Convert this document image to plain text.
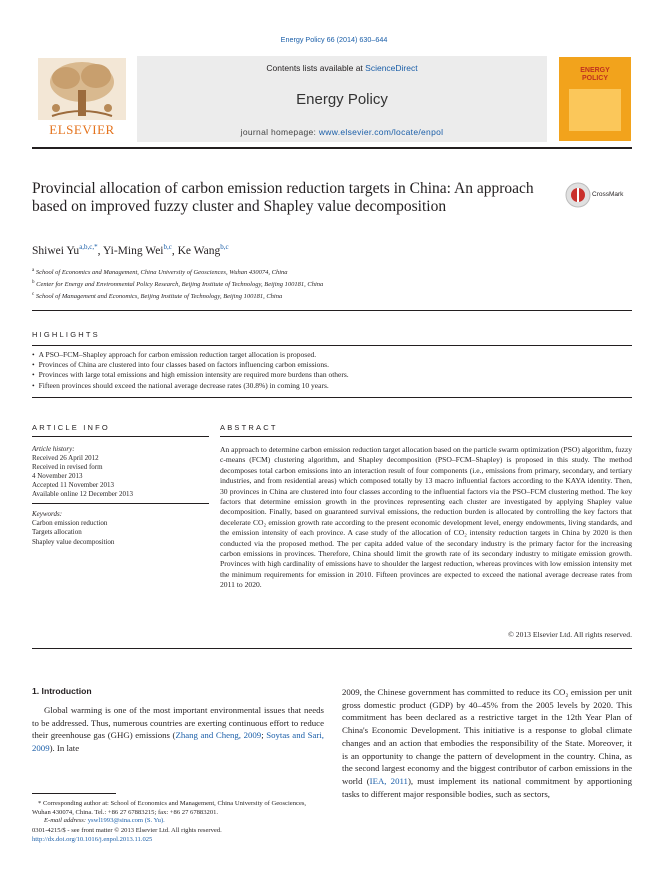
Energy Policy 66 (2014) 630–644
ELSEVIER
Contents lists available at ScienceDirect
Energy Policy
journal homepage: www.elsevier.com/locate/enpol
ENERGY
POLICY
Provincial allocation of carbon emission reduction targets in China: An approach based on improved fuzzy cluster and Shapley value decomposition
CrossMark
Shiwei $Yu^{a,b,c,*}$, Yi-Ming Wei$^{b,c}$, Ke Wang$^{b,c}$
$^a$ School of Economics and Management, China University of Geosciences, Wuhan 430074, China
$^b$ Center for Energy and Environmental Policy Research, Beijing Institute of Technology, Beijing 100181, China
$^c$ School of Management and Economics, Beijing Institute of Technology, Beijing 100181, China
HIGHLIGHTS
• A PSO–FCM–Shapley approach for carbon emission reduction target allocation is proposed.
• Provinces of China are clustered into four classes based on factors influencing carbon emissions.
• Provinces with large total emissions and high emission intensity are required more burdens than others.
• Fifteen provinces should exceed the national average decrease rates (30.8%) in coming 10 years.
ARTICLE INFO	ABSTRACT
Article history:
Received 26 April 2012
Received in revised form
4 November 2013
Accepted 11 November 2013
Available online 12 December 2013
Keywords:
Carbon emission reduction
Targets allocation
Shapley value decomposition
An approach to determine carbon emission reduction target allocation based on the particle swarm optimization (PSO) algorithm, fuzzy c-means (FCM) clustering algorithm, and Shapley decomposition (PSO–FCM–Shapley) is proposed in this study. The method decomposes total carbon emissions into an interaction result of four components (i.e., emissions from primary, secondary, and tertiary industries, and from residential areas) which composed totally by 13 macro influential factors according to the KAYA identity. Then, 30 provinces in China are clustered into four classes according to the influential factors via the PSO–FCM clustering method. The key factors that determine emission growth in the provinces representing each cluster are investigated by applying Shapley value decomposition. Finally, based on guaranteed survival emissions, the reduction burden is allocated by controlling the key factors that decelerate CO₂ emission growth rate according to the present economic development level, energy endowments, living standards, and the emission intensity of each province. A case study of the allocation of CO₂ intensity reduction targets in China by 2020 is then conducted via the proposed method. The per capita added value of the secondary industry is the primary factor for the increasing carbon emissions in provinces. Therefore, China should limit the growth rate of its secondary industry to mitigate emission growth. Provinces with high cardinality of emissions have to shoulder the largest reduction, whereas provinces with low emission intensity met the minimum requirements for emission in 2010. Fifteen provinces are expected to exceed the national average decrease rates from 2011 to 2020.
© 2013 Elsevier Ltd. All rights reserved.
1. Introduction
Global warming is one of the most important environmental issues that needs to be addressed. Thus, numerous countries are exerting continuous effort to reduce their greenhouse gas (GHG) emissions (Zhang and Cheng, 2009; Soytas and Sari, 2009). In late
* Corresponding author at: School of Economics and Management, China University of Geosciences, Wuhan 430074, China. Tel.: +86 27 67883215; fax: +86 27 67883201.
E-mail address: yswl1993@sina.com (S. Yu).
0301-4215/$ - see front matter © 2013 Elsevier Ltd. All rights reserved.
http://dx.doi.org/10.1016/j.enpol.2013.11.025
2009, the Chinese government has committed to reduce its CO₂ emission per unit gross domestic product (GDP) by 40–45% from the 2005 levels by 2020. This commitment has been declared as a restrictive target in the 12th Year Plan of China's Economic Development. This initiative is a response to global climate changes and an action that embodies the responsibility of the State. Moreover, it is an opportunity to change the pattern of development in the country. China, as the second largest economy and the biggest contributor of carbon emissions in the world (IEA, 2011), must implement its national commitment by apportioning tasks to different major responsible bodies, such as sectors,
